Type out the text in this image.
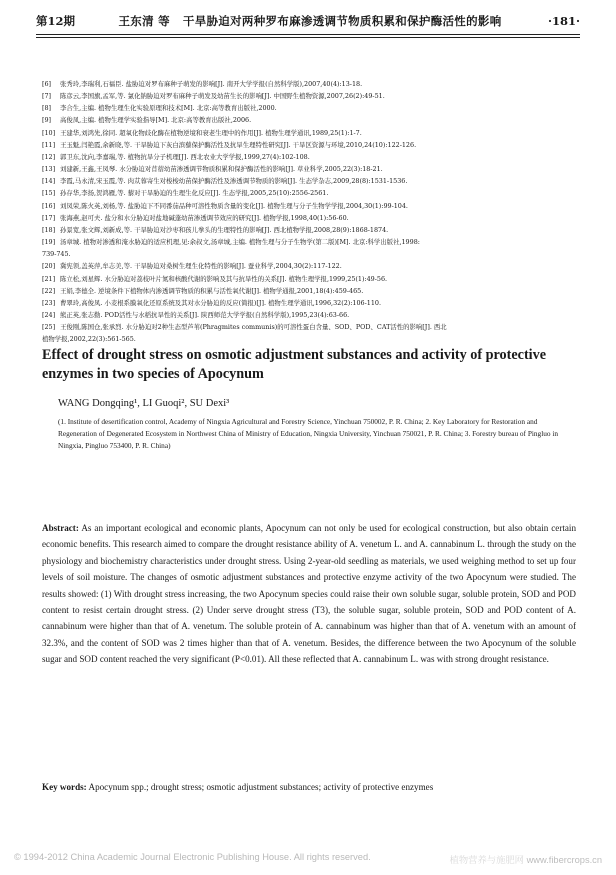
第12期	王东清 等 干旱胁迫对两种罗布麻渗透调节物质积累和保护酶活性的影响	·181·
[6]	张秀玲,李瑞利,石福臣. 盐胁迫对罗布麻种子萌发的影响[J]. 南开大学学报(自然科学版),2007,40(4):13-18.
[7]	陈彦云,李国旗,孟军,等. 氯化钠胁迫对罗布麻种子萌发及幼苗生长的影响[J]. 中国野生植物资源,2007,26(2):49-51.
[8]	李合生,主编. 植物生理生化实验原理和技术[M]. 北京:高等教育出版社,2000.
[9]	高俊凤,主编. 植物生理学实验指导[M]. 北京:高等教育出版社,2006.
[10] 王建华,刘鸿先,徐同. 超氧化物歧化酶在植物逆境和衰老生理中的作用[J]. 植物生理学通讯,1989,25(1):1-7.
[11] 王玉魁,闫艳霞,余新晓,等. 干旱胁迫下灰白滨藜保护酶活性及抗旱生理特性研究[J]. 干旱区资源与环境,2010,24(10):122-126.
[12] 郭卫东,沈向,李嘉瑞,等. 植物抗旱分子机理[J]. 西北农业大学学报,1999,27(4):102-108.
[13] 刘建新,王鑫,王凤琴. 水分胁迫对苜蓿幼苗渗透调节物质积累和保护酶活性的影响[J]. 草业科学,2005,22(3):18-21.
[14] 李霞,马永清,宋玉霞,等. 肉苁蓉寄生对梭梭幼苗保护酶活性及渗透调节物质的影响[J]. 生态学杂志,2009,28(8):1531-1536.
[15] 孙存华,李扬,贺鸿雁,等. 藜对干旱胁迫的生理生化反应[J]. 生态学报,2005,25(10):2556-2561.
[16] 刘凤荣,陈火英,刘杨,等. 盐胁迫下不同番茄品种可溶性物质含量的变化[J]. 植物生理与分子生物学学报,2004,30(1):99-104.
[17] 张海燕,赵可夫. 盐分和水分胁迫对盐地碱蓬幼苗渗透调节效应的研究[J]. 植物学报,1998,40(1):56-60.
[18] 孙景宽,张文辉,刘新成,等. 干旱胁迫对沙枣和孩儿拳头的生理特性的影响[J]. 西北植物学报,2008,28(9):1868-1874.
[19] 汤章城. 植物对渗透和淹水胁迫的适应机理,见:余叔文,汤章城,主编. 植物生理与分子生物学(第二版)[M]. 北京:科学出版社,1998:
739-745.
[20] 冀宪领,盖英萍,牟志美,等. 干旱胁迫对桑树生理生化特性的影响[J]. 蚕业科学,2004,30(2):117-122.
[21] 陈立松,刘星辉. 水分胁迫对荔枝叶片氮和核酸代谢的影响及其与抗旱性的关系[J]. 植物生理学报,1999,25(1):49-56.
[22] 王娟,李德全. 逆境条件下植物体内渗透调节物质的积累与活性氧代谢[J]. 植物学通报,2001,18(4):459-465.
[23] 曹翠玲,高俊凤. 小麦根系膜氧化还原系统及其对水分胁迫的反应(简报)[J]. 植物生理学通讯,1996,32(2):106-110.
[24] 熊正英,张志勤. POD活性与水稻抗旱性的关系[J]. 陕西师范大学学报(自然科学版),1995,23(4):63-66.
[25] 王俊刚,陈国仓,张承烈. 水分胁迫对2种生态型芦苇(Phragmites communis)的可溶性蛋白含量、SOD、POD、CAT活性的影响[J]. 西北
植物学报,2002,22(3):561-565.
Effect of drought stress on osmotic adjustment substances and activity of protective enzymes in two species of Apocynum
WANG Dongqing¹, LI Guoqi², SU Dexi³
(1. Institute of desertification control, Academy of Ningxia Agricultural and Forestry Science, Yinchuan 750002, P. R. China; 2. Key Laboratory for Restoration and Regeneration of Degenerated Ecosystem in Northwest China of Ministry of Education, Ningxia University, Yinchuan 750021, P. R. China; 3. Forestry bureau of Pingluo in Ningxia, Pingluo 753400, P. R. China)
Abstract: As an important ecological and economic plants, Apocynum can not only be used for ecological construction, but also obtain certain economic benefits. This research aimed to compare the drought resistance ability of A. venetum L. and A. cannabinum L. through the study on the physiology and biochemistry characteristics under drought stress. Using 2-year-old seedling as materials, we used weighing method to set up four levels of soil moisture. The changes of osmotic adjustment substances and protective enzyme activity of the two Apocynum were studied. The results showed: (1) With drought stress increasing, the two Apocynum species could raise their own soluble sugar, soluble protein, SOD and POD content to resist certain drought stress. (2) Under serve drought stress (T3), the soluble sugar, soluble protein, SOD and POD content of A. cannabinum were higher than that of A. venetum. The soluble protein of A. cannabinum was higher than that of A. venetum with an amount of 32.3%, and the content of SOD was 2 times higher than that of A. venetum. Besides, the difference between the two Apocynum of the soluble sugar and SOD content reached the very significant (P<0.01). All these reflected that A. cannabinum L. was with strong drought resistance.
Key words: Apocynum spp.; drought stress; osmotic adjustment substances; activity of protective enzymes
© 1994-2012 China Academic Journal Electronic Publishing House. All rights reserved.	植物营养与施肥网 www.fibercrops.cn
